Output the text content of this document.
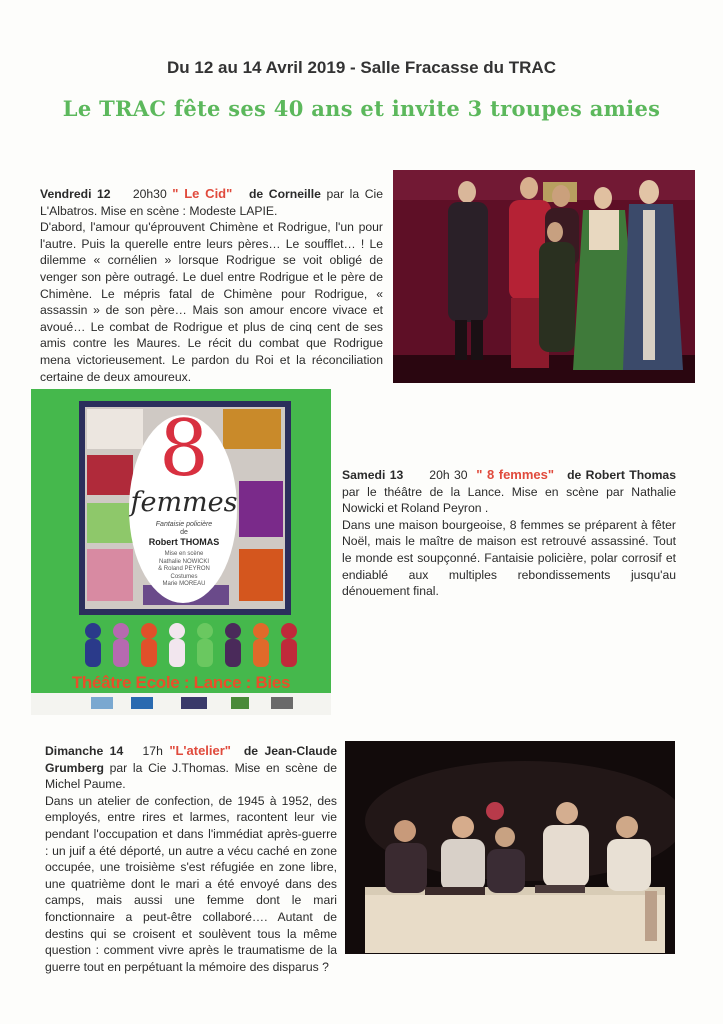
Du 12 au 14 Avril 2019 - Salle Fracasse du TRAC
Le TRAC fête ses 40 ans et invite 3 troupes amies

Vendredi 12 20h30 " Le Cid" de Corneille par la Cie L'Albatros. Mise en scène : Modeste LAPIE.

D'abord, l'amour qu'éprouvent Chimène et Rodrigue, l'un pour l'autre. Puis la querelle entre leurs pères… Le soufflet… ! Le dilemme « cornélien » lorsque Rodrigue se voit obligé de venger son père outragé. Le duel entre Rodrigue et le père de Chimène. Le mépris fatal de Chimène pour Rodrigue, « assassin » de son père… Mais son amour encore vivace et avoué… Le combat de Rodrigue et plus de cinq cent de ses amis contre les Maures. Le récit du combat que Rodrigue mena victorieusement. Le pardon du Roi et la réconciliation certaine de deux amoureux.

8
femmes
Fantaisie policière
de
Robert THOMAS
Mise en scène
Nathalie NOWICKI
& Roland PEYRON
Costumes
Marie MOREAU
Théâtre Ecole : Lance : Bies

Samedi 13 20h 30 " 8 femmes" de Robert Thomas par le théâtre de la Lance. Mise en scène par Nathalie Nowicki et Roland Peyron .

Dans une maison bourgeoise, 8 femmes se préparent à fêter Noël, mais le maître de maison est retrouvé assassiné. Tout le monde est soupçonné. Fantaisie policière, polar corrosif et endiablé aux multiples rebondissements jusqu'au dénouement final.

Dimanche 14 17h "L'atelier" de Jean-Claude Grumberg par la Cie J.Thomas. Mise en scène de Michel Paume.

Dans un atelier de confection, de 1945 à 1952, des employés, entre rires et larmes, racontent leur vie pendant l'occupation et dans l'immédiat après-guerre : un juif a été déporté, un autre a vécu caché en zone occupée, une troisième s'est réfugiée en zone libre, une quatrième dont le mari a été envoyé dans des camps, mais aussi une femme dont le mari fonctionnaire a peut-être collaboré…. Autant de destins qui se croisent et soulèvent tous la même question : comment vivre après le traumatisme de la guerre tout en perpétuant la mémoire des disparus ?
